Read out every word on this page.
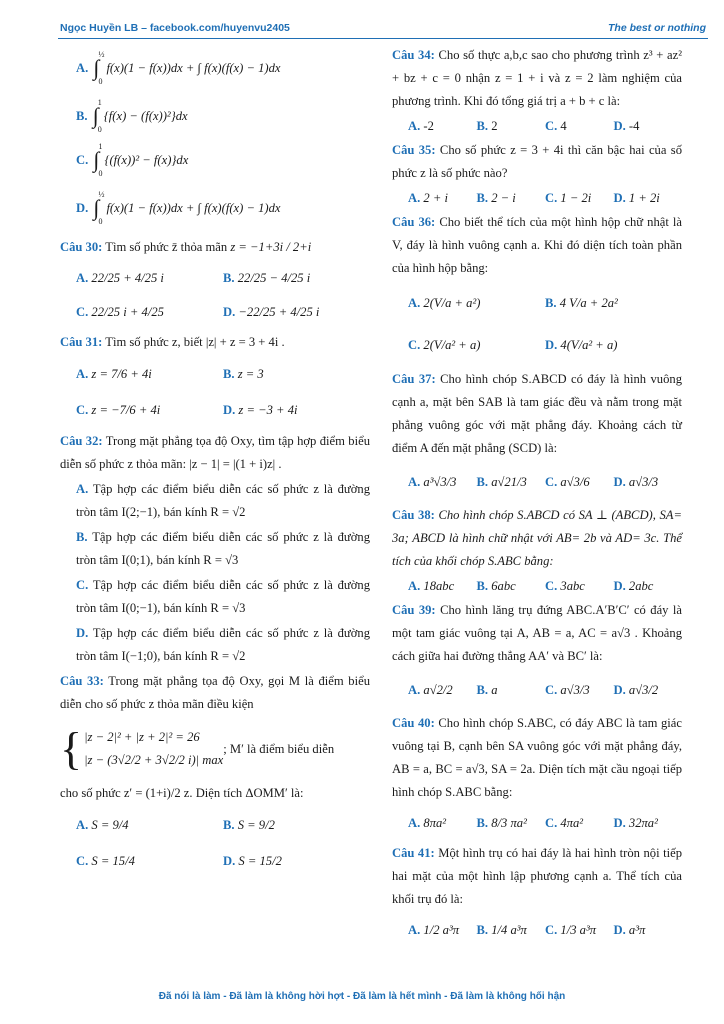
Ngọc Huyền LB – facebook.com/huyenvu2405	The best or nothing
A.
∫
½
0
f(x)(1 − f(x))dx + ∫ f(x)(f(x) − 1)dx
B.
∫
1
0
{f(x) − (f(x))²}dx
C.
∫
1
0
{(f(x))² − f(x)}dx
D.
∫
½
0
f(x)(1 − f(x))dx + ∫ f(x)(f(x) − 1)dx
Câu 30: Tìm số phức z̄ thỏa mãn z = −1+3i / 2+i
A.
22/25 + 4/25 i	B.
22/25 − 4/25 i
C.
22/25 i + 4/25	D.
−22/25 + 4/25 i
Câu 31: Tìm số phức z, biết |z| + z = 3 + 4i .
A.
z = 7/6 + 4i	B.
z = 3
C.
z = −7/6 + 4i	D.
z = −3 + 4i
Câu 32: Trong mặt phẳng tọa độ Oxy, tìm tập hợp điểm biểu diễn số phức z thỏa mãn: |z − 1| = |(1 + i)z| .
A. Tập hợp các điểm biểu diễn các số phức z là đường tròn tâm I(2;−1), bán kính R = √2
B. Tập hợp các điểm biểu diễn các số phức z là đường tròn tâm I(0;1), bán kính R = √3
C. Tập hợp các điểm biểu diễn các số phức z là đường tròn tâm I(0;−1), bán kính R = √3
D. Tập hợp các điểm biểu diễn các số phức z là đường tròn tâm I(−1;0), bán kính R = √2
Câu 33: Trong mặt phẳng tọa độ Oxy, gọi M là điểm biểu diễn cho số phức z thỏa mãn điều kiện
{ |z − 2|² + |z + 2|² = 26
|z − (3√2/2 + 3√2/2 i)| max
; M′ là điểm biểu diễn
cho số phức z′ = (1+i)/2 z. Diện tích ΔOMM′ là:
A.
S = 9/4	B.
S = 9/2
C.
S = 15/4	D.
S = 15/2
Câu 34: Cho số thực a,b,c sao cho phương trình z³ + az² + bz + c = 0 nhận z = 1 + i và z = 2 làm nghiệm của phương trình. Khi đó tổng giá trị a + b + c là:
A.
-2	B.
2	C.
4	D.
-4
Câu 35: Cho số phức z = 3 + 4i thì căn bậc hai của số phức z là số phức nào?
A.
2 + i B.
2 − i C.
1 − 2i D.
1 + 2i
Câu 36: Cho biết thể tích của một hình hộp chữ nhật là V, đáy là hình vuông cạnh a. Khi đó diện tích toàn phần của hình hộp bằng:
A.
2(V/a + a²)	B.
4 V/a + 2a²
C.
2(V/a² + a)	D.
4(V/a² + a)
Câu 37: Cho hình chóp S.ABCD có đáy là hình vuông cạnh a, mặt bên SAB là tam giác đều và nằm trong mặt phẳng vuông góc với mặt phẳng đáy. Khoảng cách từ điểm A đến mặt phẳng (SCD) là:
A.
a³√3/3 B.
a√21/3 C.
a√3/6 D.
a√3/3
Câu 38: Cho hình chóp S.ABCD có SA ⊥ (ABCD), SA= 3a; ABCD là hình chữ nhật với AB= 2b và AD= 3c. Thể tích của khối chóp S.ABC bằng:
A.
18abc B.
6abc C.
3abc D.
2abc
Câu 39: Cho hình lăng trụ đứng ABC.A′B′C′ có đáy là một tam giác vuông tại A, AB = a, AC = a√3 . Khoảng cách giữa hai đường thẳng AA′ và BC′ là:
A.
a√2/2 B.
a	C.
a√3/3 D.
a√3/2
Câu 40: Cho hình chóp S.ABC, có đáy ABC là tam giác vuông tại B, cạnh bên SA vuông góc với mặt phẳng đáy, AB = a, BC = a√3, SA = 2a. Diện tích mặt cầu ngoại tiếp hình chóp S.ABC bằng:
A.
8πa² B.
8/3 πa² C.
4πa² D.
32πa²
Câu 41: Một hình trụ có hai đáy là hai hình tròn nội tiếp hai mặt của một hình lập phương cạnh a. Thể tích của khối trụ đó là:
A.
1/2 a³π B.
1/4 a³π C.
1/3 a³π D.
a³π
Đã nói là làm - Đã làm là không hời hợt - Đã làm là hết mình - Đã làm là không hối hận
